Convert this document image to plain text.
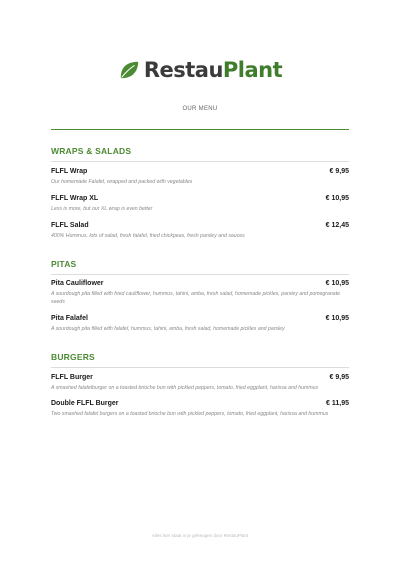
RestauPlant
OUR MENU
WRAPS & SALADS
FLFL Wrap	€ 9,95
Our homemade Falafel, wrapped and packed with vegetables
FLFL Wrap XL	€ 10,95
Less is more, but our XL wrap is even better
FLFL Salad	€ 12,45
400% Hummus, lots of salad, fresh falafel, fried chickpeas, fresh parsley and sauces
PITAS
Pita Cauliflower	€ 10,95
A sourdough pita filled with fried cauliflower, hummus, tahini, amba, fresh salad, homemade pickles, parsley and pomegranate seeds
Pita Falafel	€ 10,95
A sourdough pita filled with falafel, hummus, tahini, amba, fresh salad, homemade pickles and parsley
BURGERS
FLFL Burger	€ 9,95
A smashed falafelburger on a toasted brioche bun with pickled peppers, tomato, fried eggplant, harissa and hummus
Double FLFL Burger	€ 11,95
Two smashed falafel burgers on a toasted brioche bun with pickled peppers, tomato, fried eggplant, harissa and hummus
Alles hier staat in je geheugen door RestauPlant
